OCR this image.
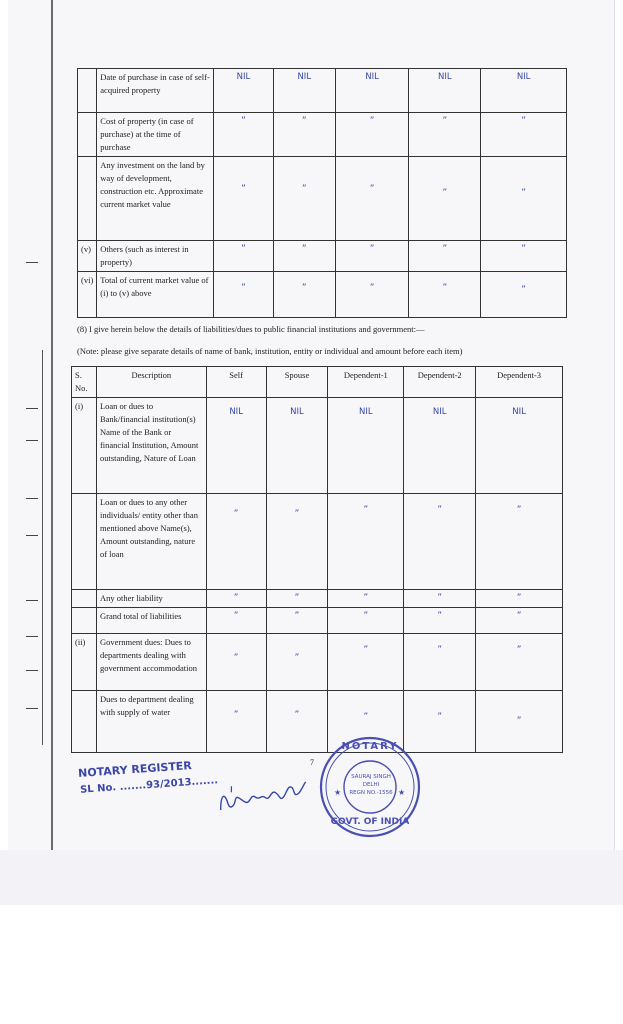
	Date of purchase in case of self-acquired property	NIL	NIL	NIL	NIL	NIL
	Cost of property (in case of purchase) at the time of purchase	”	”	”	”	”
	Any investment on the land by way of development, construction etc. Approximate current market value	”	”	”	”	”
(v)	Others (such as interest in property)	”	”	”	”	”
(vi)	Total of current market value of (i) to (v) above	”	”	”	”	”
(8) I give herein below the details of liabilities/dues to public financial institutions and government:—
(Note: please give separate details of name of bank, institution, entity or individual and amount before each item)
S. No.	Description	Self	Spouse	Dependent-1	Dependent-2	Dependent-3
(i)	Loan or dues to Bank/financial institution(s) Name of the Bank or financial Institution, Amount outstanding, Nature of Loan	NIL	NIL	NIL	NIL	NIL
	Loan or dues to any other individuals/ entity other than mentioned above Name(s), Amount outstanding, nature of loan	”	”	”	”	”
	Any other liability	”	”	”	”	”
	Grand total of liabilities	”	”	”	”	”
(ii)	Government dues: Dues to departments dealing with government accommodation	”	”	”	”	”
	Dues to department dealing with supply of water	”	”	”	”	”
7
NOTARY REGISTER
SL No. .......93/2013.......	★	★
NOTARY
SAURAJ SINGH
DELHI
REGN NO.-1556
GOVT. OF INDIA
